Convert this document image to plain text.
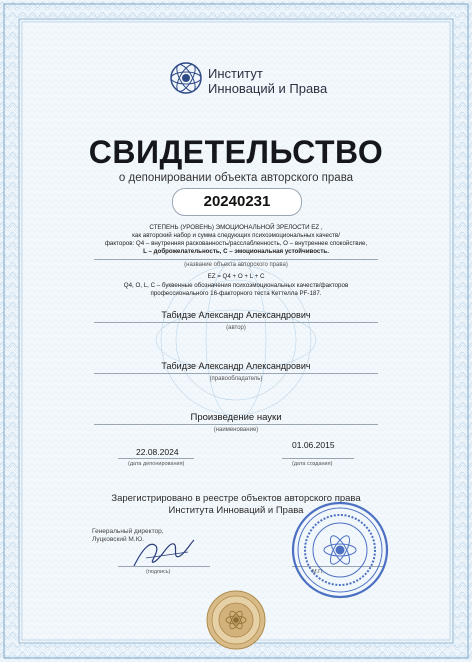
Институт
Инноваций и Права
СВИДЕТЕЛЬСТВО
о депонировании объекта авторского права
20240231
СТЕПЕНЬ (УРОВЕНЬ) ЭМОЦИОНАЛЬНОЙ ЗРЕЛОСТИ EZ ,
как авторский набор и сумма следующих психоэмоциональных качеств/
факторов: Q4 – внутренняя раскованность/расслабленность, O – внутреннее спокойствие,
L – доброжелательность, C – эмоциональная устойчивость.
(название объекта авторского права)
EZ = Q4 + O + L + C
Q4, O, L, C – буквенные обозначения психоэмоциональных качеств/факторов
профессионального 16-факторного теста Кеттелла PF-187.
Табидзе Александр Александрович
(автор)
Табидзе Александр Александрович
(правообладатель)
Произведение науки
(наименование)
22.08.2024
(дата депонирования)
01.06.2015
(дата создания)
Зарегистрировано в реестре объектов авторского права
Института Инноваций и Права
Генеральный директор,
Луцковский М.Ю.
(подпись)	М.П.
